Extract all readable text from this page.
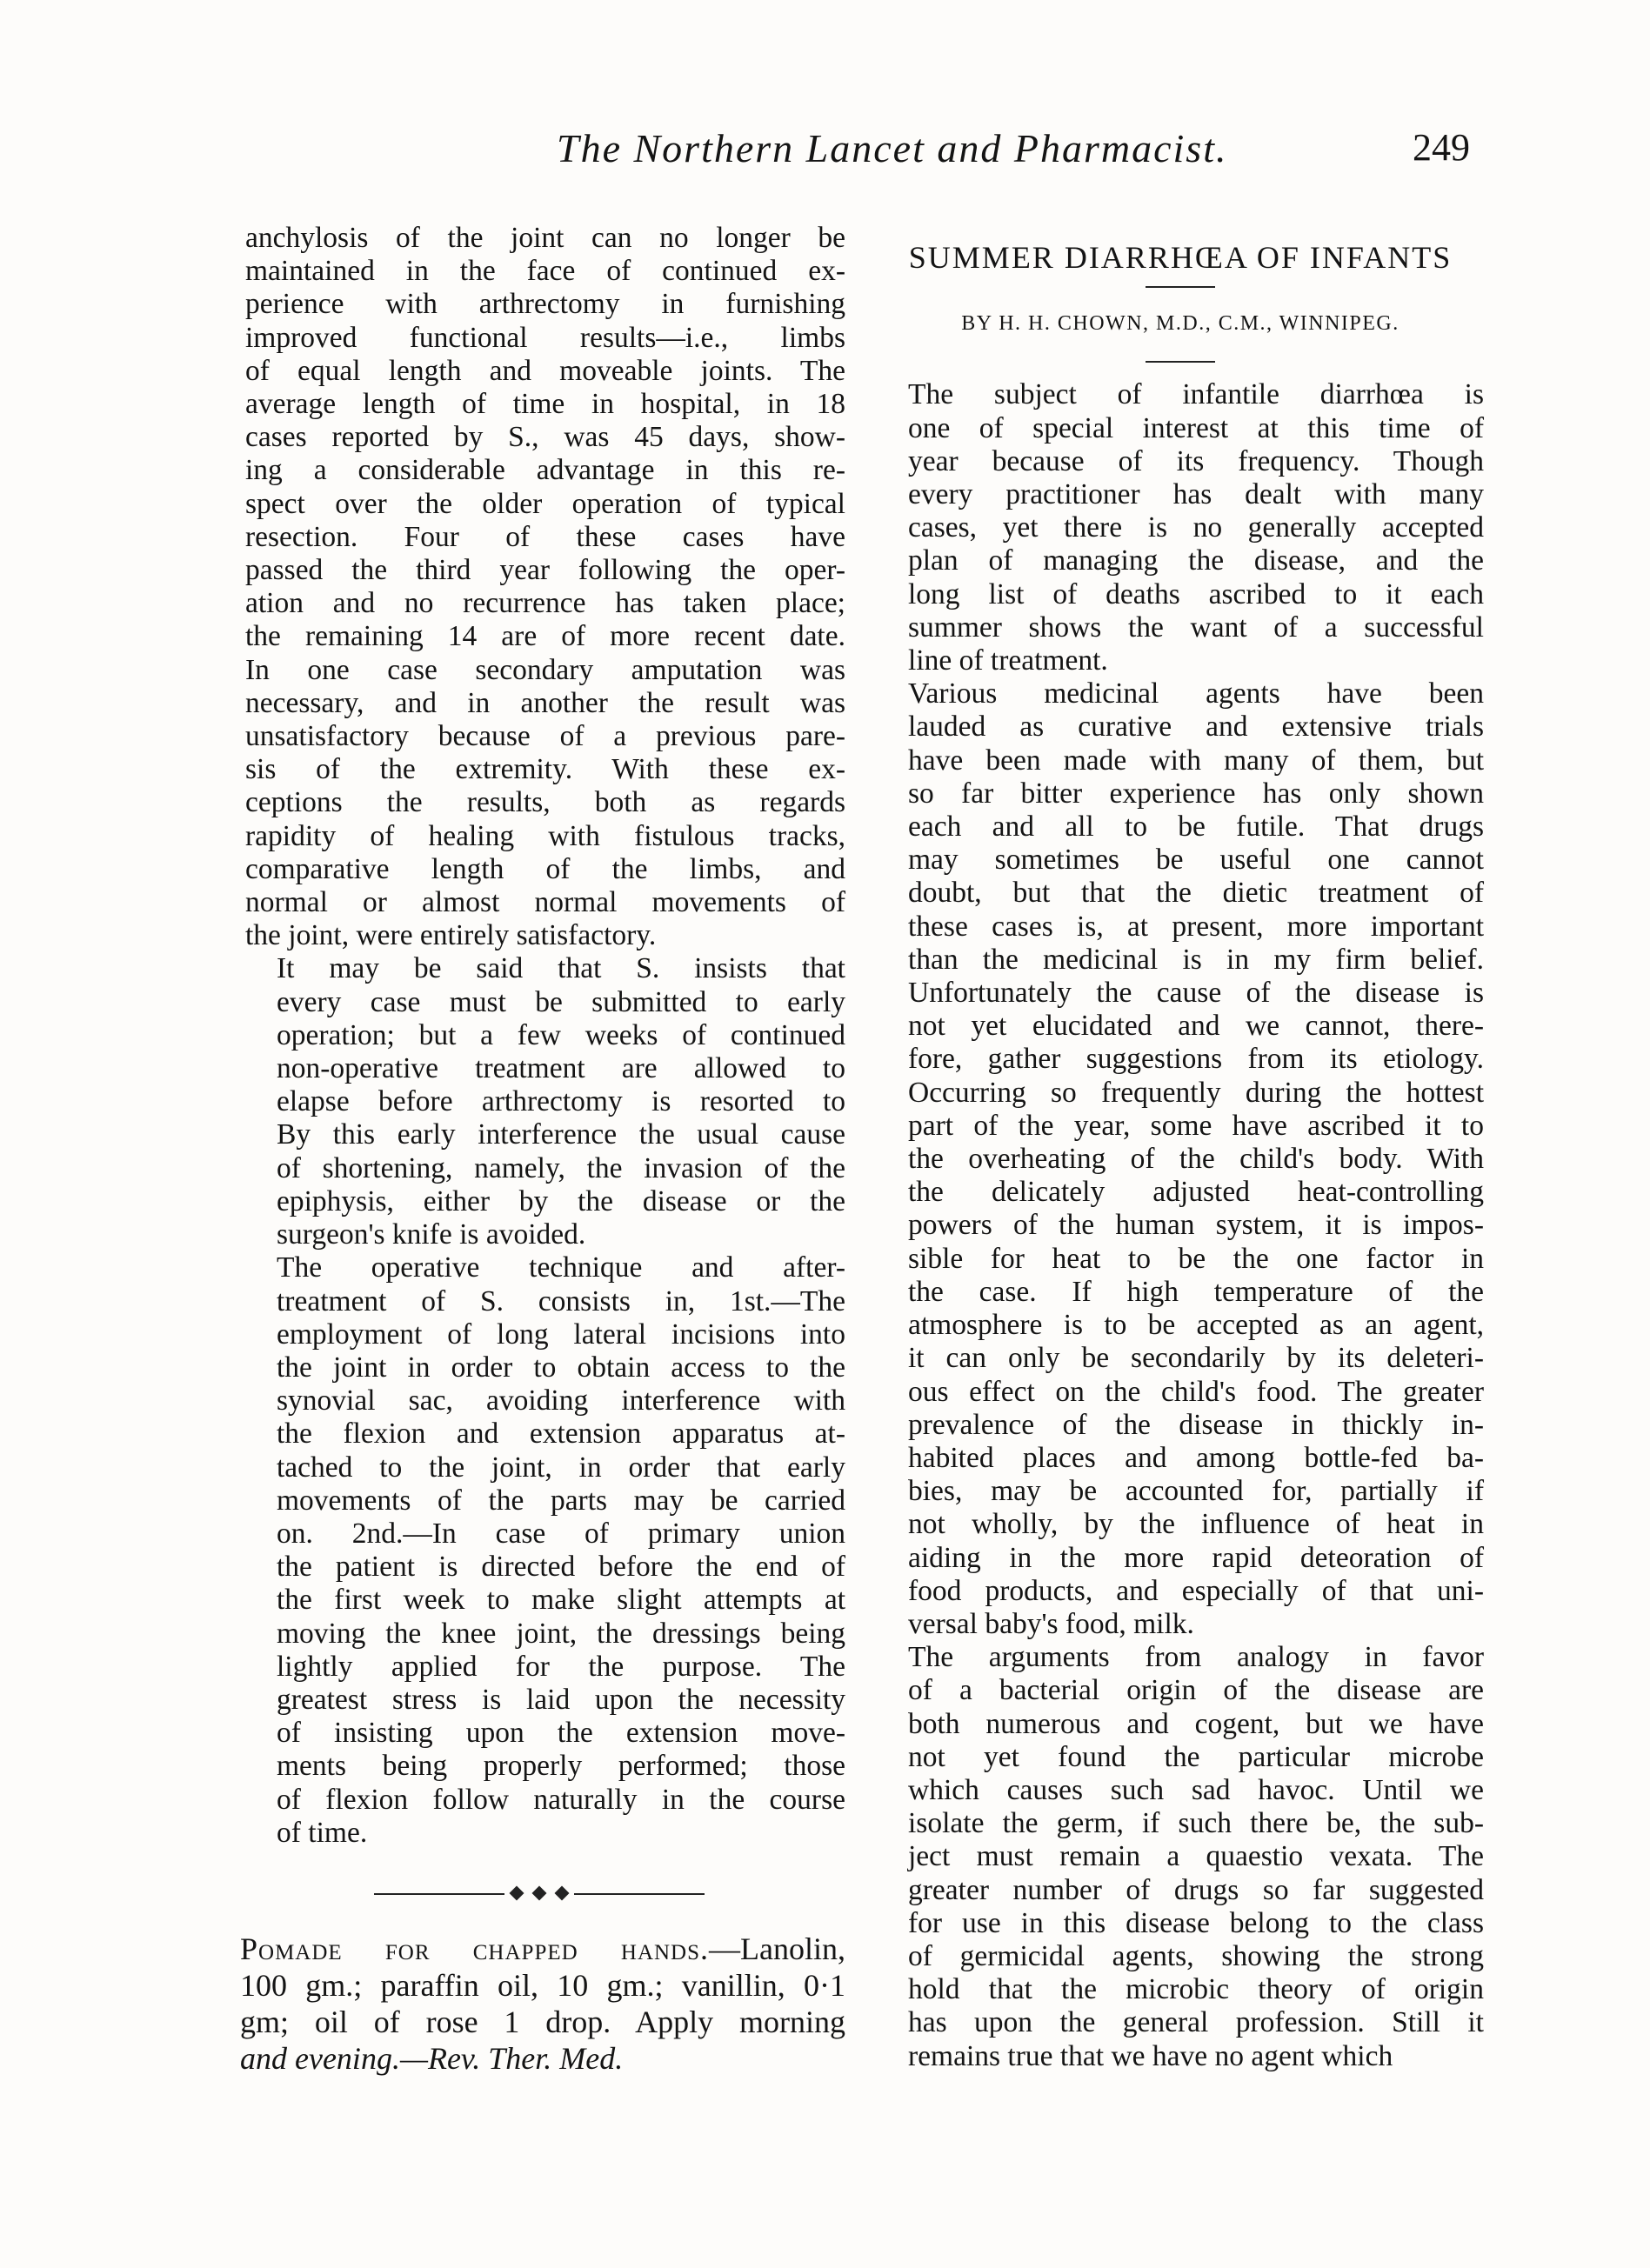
The Northern Lancet and Pharmacist.	249

anchylosis of the joint can no longer be
maintained in the face of continued ex-
perience with arthrectomy in furnishing
improved functional results—i.e., limbs
of equal length and moveable joints. The
average length of time in hospital, in 18
cases reported by S., was 45 days, show-
ing a considerable advantage in this re-
spect over the older operation of typical
resection. Four of these cases have
passed the third year following the oper-
ation and no recurrence has taken place;
the remaining 14 are of more recent date.
In one case secondary amputation was
necessary, and in another the result was
unsatisfactory because of a previous pare-
sis of the extremity. With these ex-
ceptions the results, both as regards
rapidity of healing with fistulous tracks,
comparative length of the limbs, and
normal or almost normal movements of
the joint, were entirely satisfactory.

It may be said that S. insists that
every case must be submitted to early
operation; but a few weeks of continued
non-operative treatment are allowed to
elapse before arthrectomy is resorted to
By this early interference the usual cause
of shortening, namely, the invasion of the
epiphysis, either by the disease or the
surgeon's knife is avoided.

The operative technique and after-
treatment of S. consists in, 1st.—The
employment of long lateral incisions into
the joint in order to obtain access to the
synovial sac, avoiding interference with
the flexion and extension apparatus at-
tached to the joint, in order that early
movements of the parts may be carried
on. 2nd.—In case of primary union
the patient is directed before the end of
the first week to make slight attempts at
moving the knee joint, the dressings being
lightly applied for the purpose. The
greatest stress is laid upon the necessity
of insisting upon the extension move-
ments being properly performed; those
of flexion follow naturally in the course
of time.

Pomade for chapped hands.—Lanolin,
100 gm.; paraffin oil, 10 gm.; vanillin, 0·1
gm; oil of rose 1 drop. Apply morning
and evening.—Rev. Ther. Med.
SUMMER DIARRHŒA OF INFANTS
BY H. H. CHOWN, M.D., C.M., WINNIPEG.

The subject of infantile diarrhœa is
one of special interest at this time of
year because of its frequency. Though
every practitioner has dealt with many
cases, yet there is no generally accepted
plan of managing the disease, and the
long list of deaths ascribed to it each
summer shows the want of a successful
line of treatment.

Various medicinal agents have been
lauded as curative and extensive trials
have been made with many of them, but
so far bitter experience has only shown
each and all to be futile. That drugs
may sometimes be useful one cannot
doubt, but that the dietic treatment of
these cases is, at present, more important
than the medicinal is in my firm belief.
Unfortunately the cause of the disease is
not yet elucidated and we cannot, there-
fore, gather suggestions from its etiology.
Occurring so frequently during the hottest
part of the year, some have ascribed it to
the overheating of the child's body. With
the delicately adjusted heat-controlling
powers of the human system, it is impos-
sible for heat to be the one factor in
the case. If high temperature of the
atmosphere is to be accepted as an agent,
it can only be secondarily by its deleteri-
ous effect on the child's food. The greater
prevalence of the disease in thickly in-
habited places and among bottle-fed ba-
bies, may be accounted for, partially if
not wholly, by the influence of heat in
aiding in the more rapid deteoration of
food products, and especially of that uni-
versal baby's food, milk.

The arguments from analogy in favor
of a bacterial origin of the disease are
both numerous and cogent, but we have
not yet found the particular microbe
which causes such sad havoc. Until we
isolate the germ, if such there be, the sub-
ject must remain a quaestio vexata. The
greater number of drugs so far suggested
for use in this disease belong to the class
of germicidal agents, showing the strong
hold that the microbic theory of origin
has upon the general profession. Still it
remains true that we have no agent which
